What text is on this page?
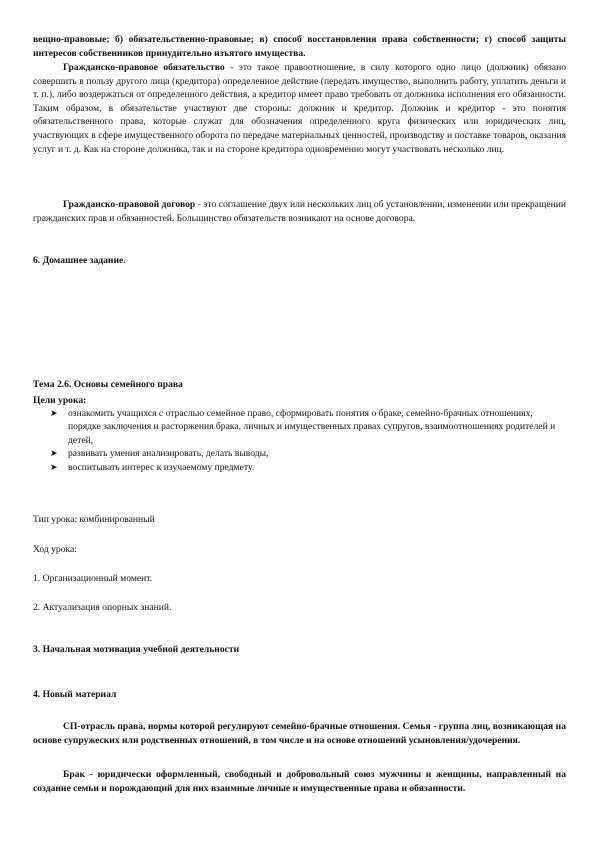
вещно-правовые; б) обязательственно-правовые; в) способ восстановления права собственности; г) способ защиты интересов собственников принудительно изъятого имущества.
Гражданско-правовое обязательство - это такое правоотношение, в силу которого одно лицо (должник) обязано совершить в пользу другого лица (кредитора) определенное действие (передать имущество, выполнить работу, уплатить деньги и т. п.), либо воздержаться от определенного действия, а кредитор имеет право требовать от должника исполнения его обязанности. Таким образом, в обязательстве участвуют две стороны: должник и кредитор. Должник и кредитор - это понятия обязательственного права, которые служат для обозначения определенного круга физических или юридических лиц, участвующих в сфере имущественного оборота по передаче материальных ценностей, производству и поставке товаров, оказания услуг и т. д. Как на стороне должника, так и на стороне кредитора одновременно могут участвовать несколько лиц.
Гражданско-правовой договор - это соглашение двух или нескольких лиц об установлении, изменении или прекращении гражданских прав и обязанностей. Большинство обязательств возникают на основе договора.
6. Домашнее задание.
Тема 2.6. Основы семейного права
Цели урока:
➤ ознакомить учащихся с отраслью семейное право, сформировать понятия о браке, семейно-брачных отношениях, порядке заключения и расторжения брака, личных и имущественных правах супругов, взаимоотношениях родителей и детей,
➤ развивать умения анализировать, делать выводы,
➤ воспитывать интерес к изучаемому предмету.
Тип урока: комбинированный
Ход урока:
1. Организационный момент.
2. Актуализация опорных знаний.
3. Начальная мотивация учебной деятельности
4. Новый материал
СП-отрасль права, нормы которой регулируют семейно-брачные отношения. Семья - группа лиц, возникающая на основе супружеских или родственных отношений, в том числе и на основе отношений усыновления/удочерения.
Брак - юридически оформленный, свободный и добровольный союз мужчины и женщины, направленный на создание семьи и порождающий для них взаимные личные и имущественные права и обязанности.
